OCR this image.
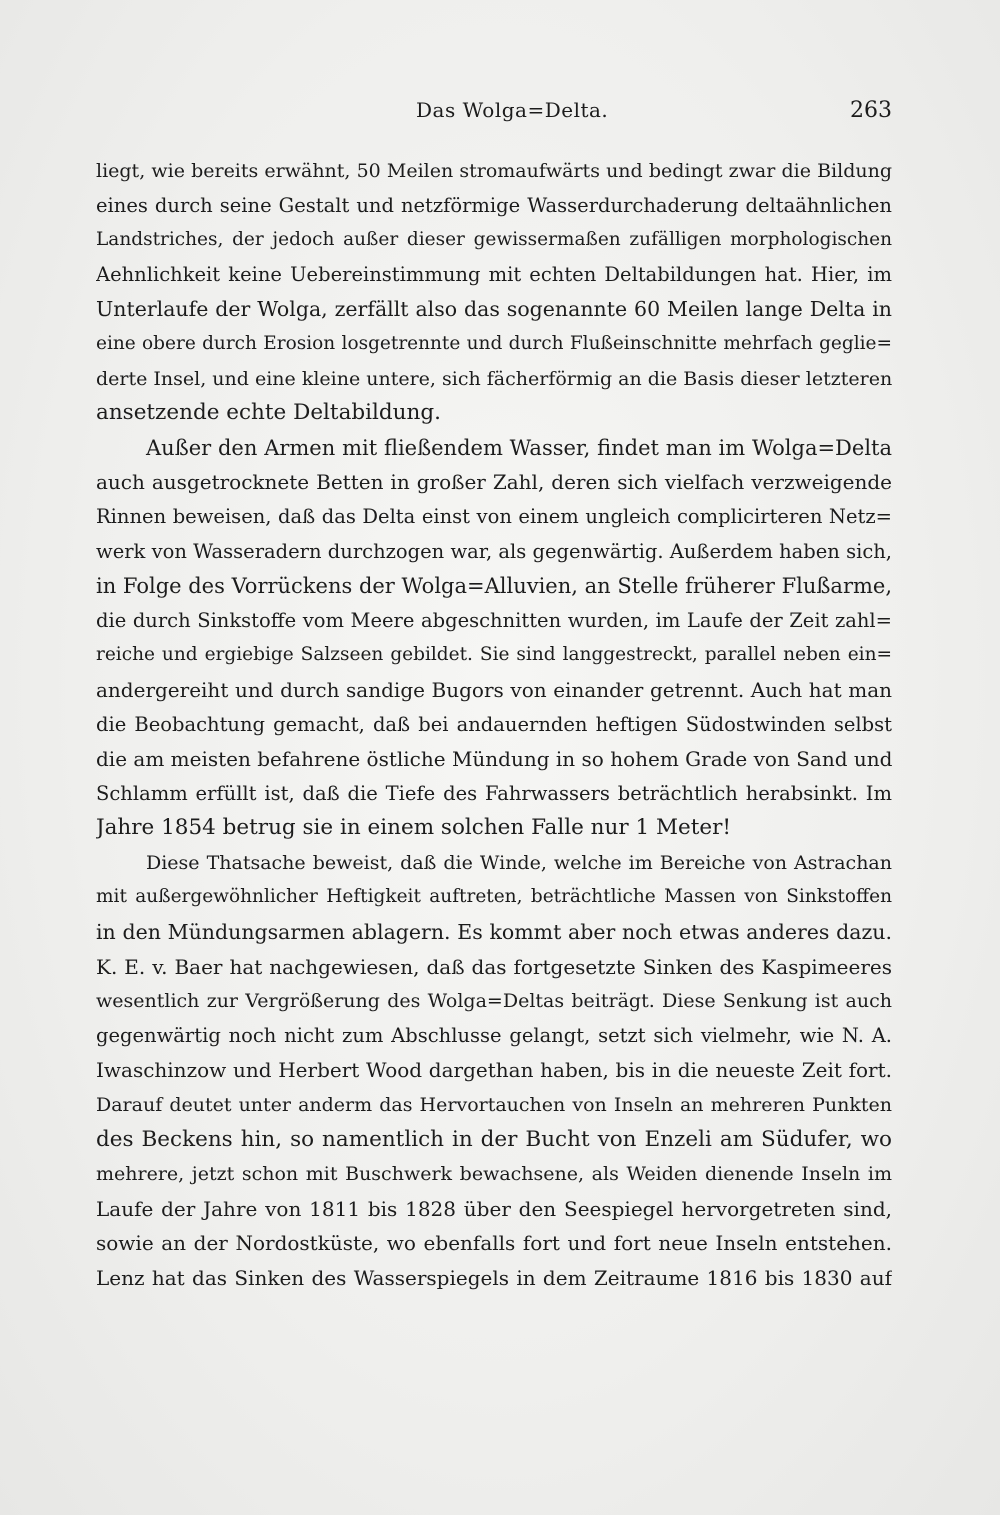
Das Wolga=Delta.	263
liegt, wie bereits erwähnt, 50 Meilen stromaufwärts und bedingt zwar die Bildung
eines durch seine Gestalt und netzförmige Wasserdurchaderung deltaähnlichen
Landstriches, der jedoch außer dieser gewissermaßen zufälligen morphologischen
Aehnlichkeit keine Uebereinstimmung mit echten Deltabildungen hat. Hier, im
Unterlaufe der Wolga, zerfällt also das sogenannte 60 Meilen lange Delta in
eine obere durch Erosion losgetrennte und durch Flußeinschnitte mehrfach geglie=
derte Insel, und eine kleine untere, sich fächerförmig an die Basis dieser letzteren
ansetzende echte Deltabildung.
Außer den Armen mit fließendem Wasser, findet man im Wolga=Delta
auch ausgetrocknete Betten in großer Zahl, deren sich vielfach verzweigende
Rinnen beweisen, daß das Delta einst von einem ungleich complicirteren Netz=
werk von Wasseradern durchzogen war, als gegenwärtig. Außerdem haben sich,
in Folge des Vorrückens der Wolga=Alluvien, an Stelle früherer Flußarme,
die durch Sinkstoffe vom Meere abgeschnitten wurden, im Laufe der Zeit zahl=
reiche und ergiebige Salzseen gebildet. Sie sind langgestreckt, parallel neben ein=
andergereiht und durch sandige Bugors von einander getrennt. Auch hat man
die Beobachtung gemacht, daß bei andauernden heftigen Südostwinden selbst
die am meisten befahrene östliche Mündung in so hohem Grade von Sand und
Schlamm erfüllt ist, daß die Tiefe des Fahrwassers beträchtlich herabsinkt. Im
Jahre 1854 betrug sie in einem solchen Falle nur 1 Meter!
Diese Thatsache beweist, daß die Winde, welche im Bereiche von Astrachan
mit außergewöhnlicher Heftigkeit auftreten, beträchtliche Massen von Sinkstoffen
in den Mündungsarmen ablagern. Es kommt aber noch etwas anderes dazu.
K. E. v. Baer hat nachgewiesen, daß das fortgesetzte Sinken des Kaspimeeres
wesentlich zur Vergrößerung des Wolga=Deltas beiträgt. Diese Senkung ist auch
gegenwärtig noch nicht zum Abschlusse gelangt, setzt sich vielmehr, wie N. A.
Iwaschinzow und Herbert Wood dargethan haben, bis in die neueste Zeit fort.
Darauf deutet unter anderm das Hervortauchen von Inseln an mehreren Punkten
des Beckens hin, so namentlich in der Bucht von Enzeli am Südufer, wo
mehrere, jetzt schon mit Buschwerk bewachsene, als Weiden dienende Inseln im
Laufe der Jahre von 1811 bis 1828 über den Seespiegel hervorgetreten sind,
sowie an der Nordostküste, wo ebenfalls fort und fort neue Inseln entstehen.
Lenz hat das Sinken des Wasserspiegels in dem Zeitraume 1816 bis 1830 auf
